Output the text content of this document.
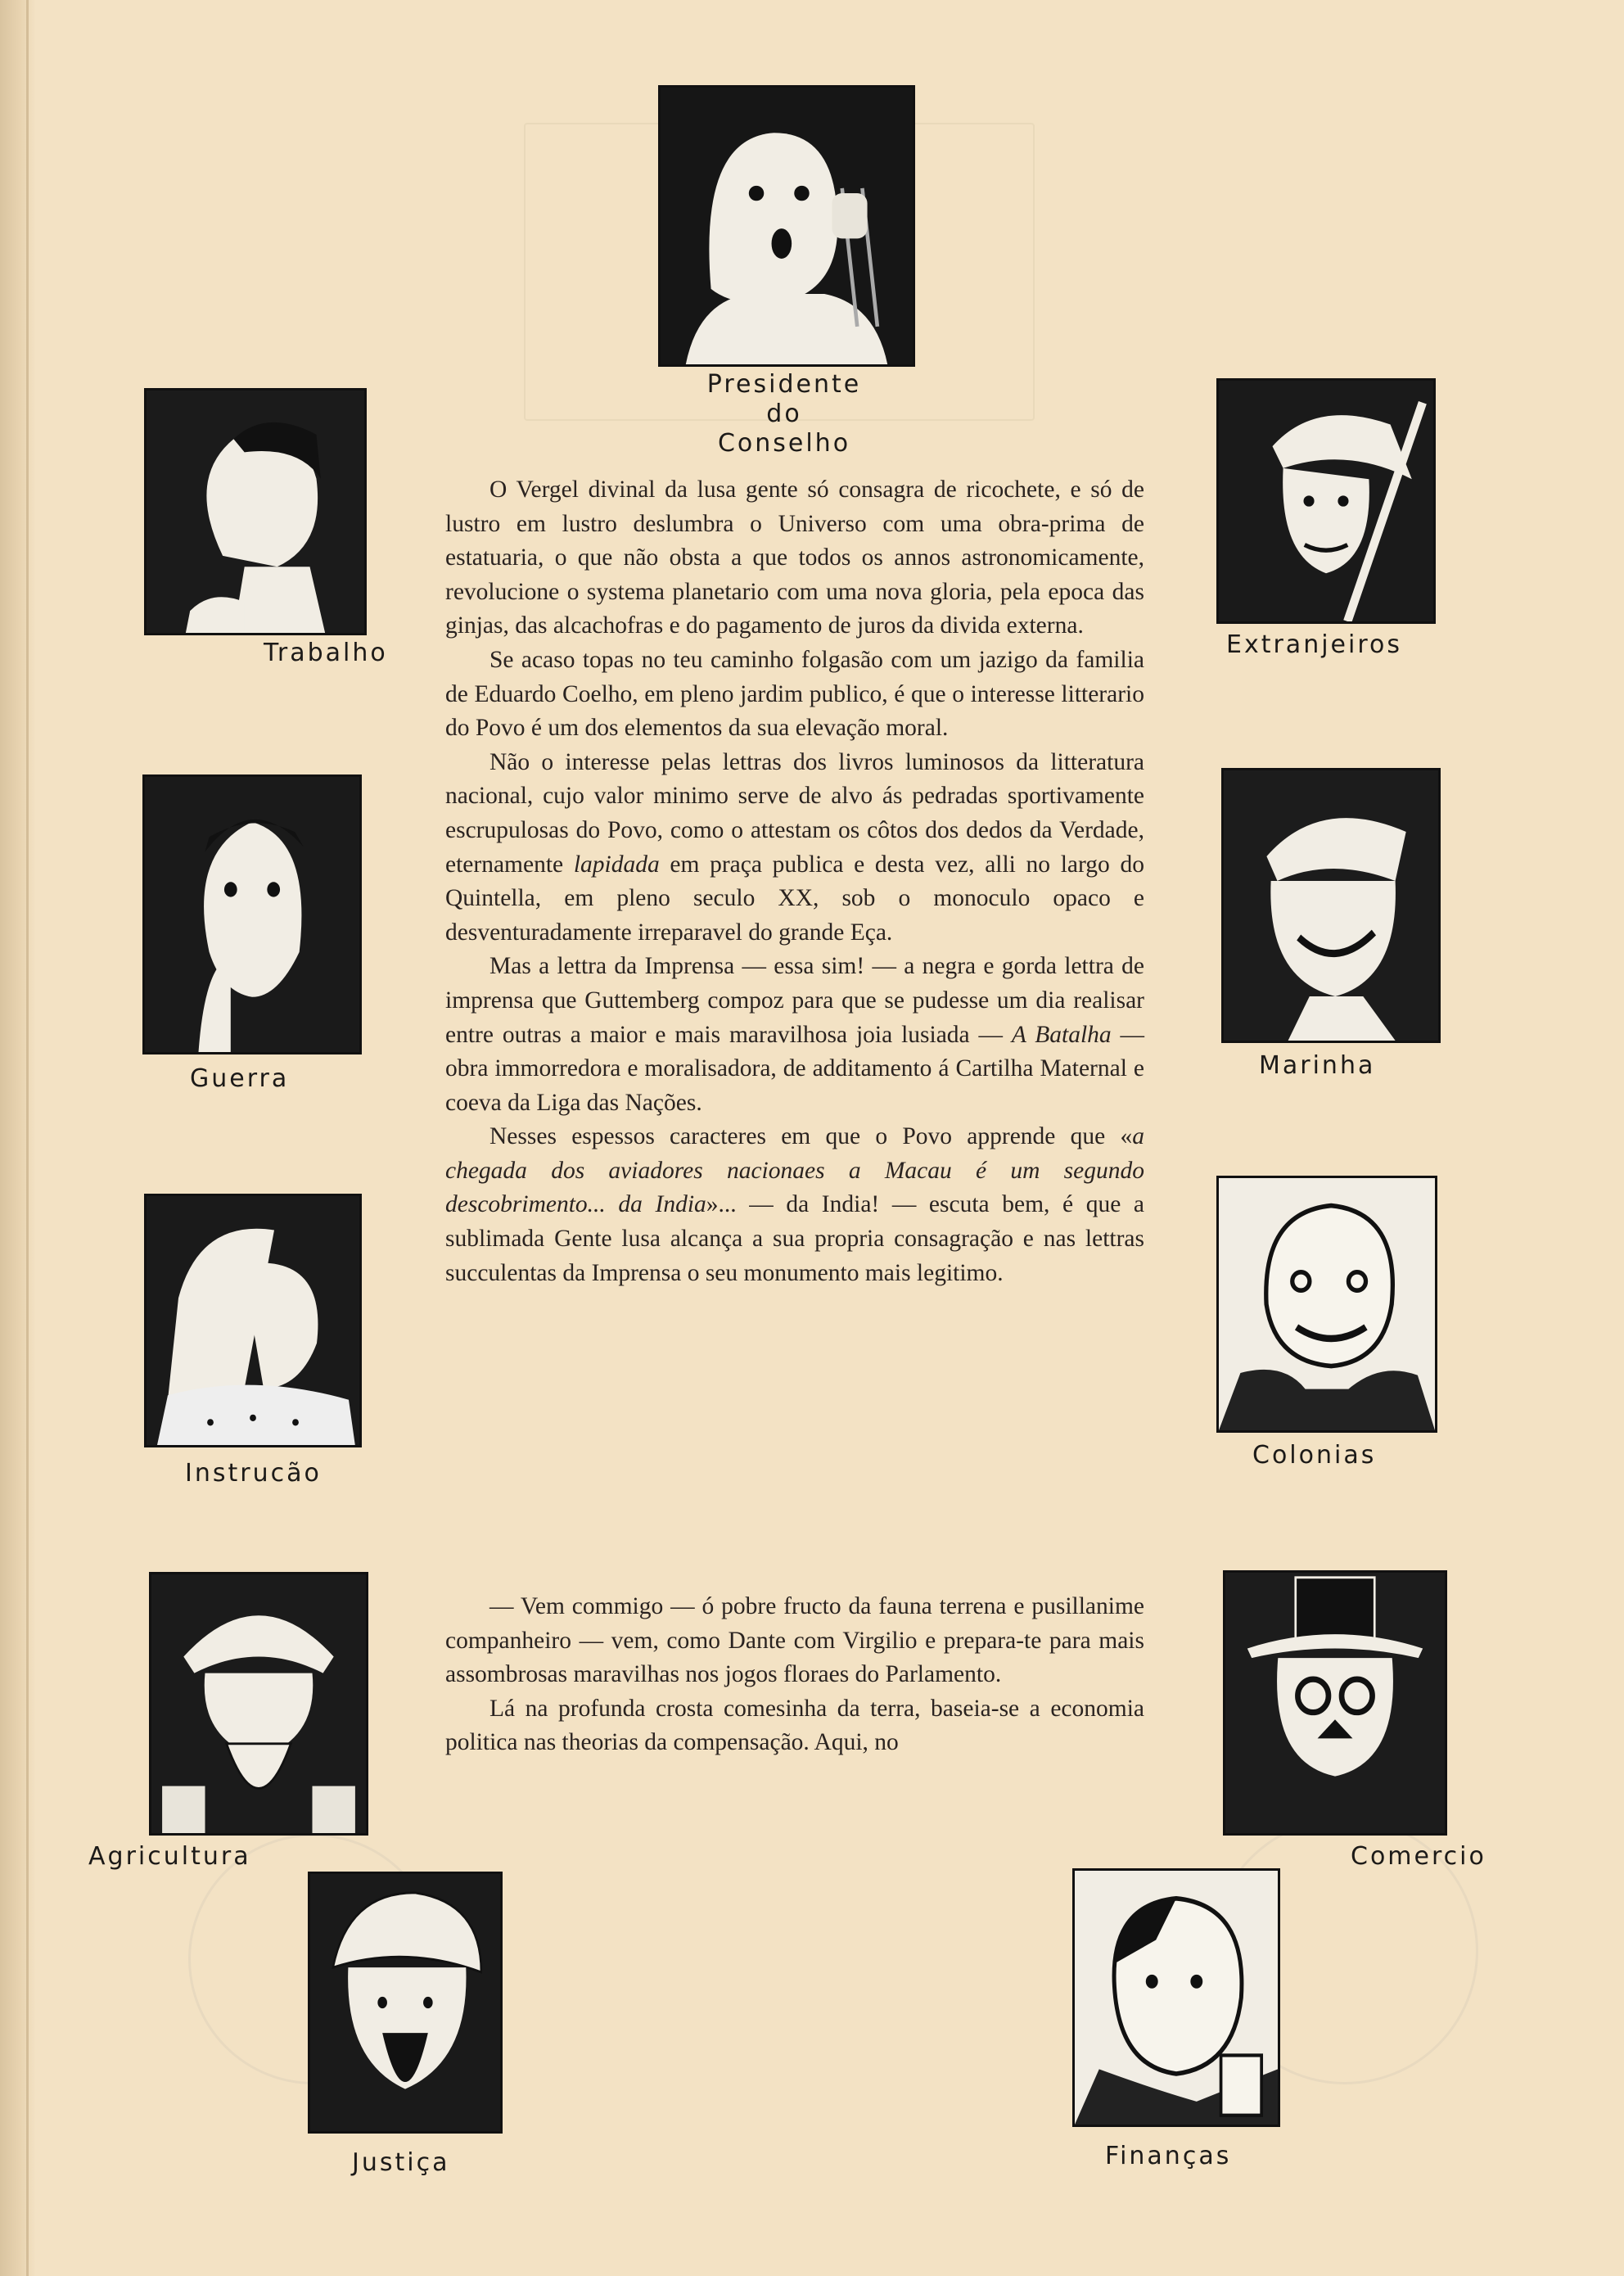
Presidente
do
Conselho
Trabalho	Extranjeiros
Guerra	Marinha
Instrucão
Colonias
Agricultura	Comercio
Justiça	Finanças

O Vergel divinal da lusa gente só consagra de ricochete, e só de lustro em lustro deslumbra o Universo com uma obra-prima de estatuaria, o que não obsta a que todos os annos astronomicamente, revolucione o systema planetario com uma nova gloria, pela epoca das ginjas, das alcachofras e do pagamento de juros da divida externa.

Se acaso topas no teu caminho folgasão com um jazigo da familia de Eduardo Coelho, em pleno jardim publico, é que o interesse litterario do Povo é um dos elementos da sua elevação moral.

Não o interesse pelas lettras dos livros luminosos da litteratura nacional, cujo valor minimo serve de alvo ás pedradas sportivamente escrupulosas do Povo, como o attestam os côtos dos dedos da Verdade, eternamente lapidada em praça publica e desta vez, alli no largo do Quintella, em pleno seculo XX, sob o monoculo opaco e desventuradamente irreparavel do grande Eça.

Mas a lettra da Imprensa — essa sim! — a negra e gorda lettra de imprensa que Guttemberg compoz para que se pudesse um dia realisar entre outras a maior e mais maravilhosa joia lusiada — A Batalha — obra immorredora e moralisadora, de additamento á Cartilha Maternal e coeva da Liga das Nações.

Nesses espessos caracteres em que o Povo apprende que «a chegada dos aviadores nacionaes a Macau é um segundo descobrimento... da India»... — da India! — escuta bem, é que a sublimada Gente lusa alcança a sua propria consagração e nas lettras succulentas da Imprensa o seu monumento mais legitimo.

— Vem commigo — ó pobre fructo da fauna terrena e pusillanime companheiro — vem, como Dante com Virgilio e prepara-te para mais assombrosas maravilhas nos jogos floraes do Parlamento.

Lá na profunda crosta comesinha da terra, baseia-se a economia politica nas theorias da compensação. Aqui, no
